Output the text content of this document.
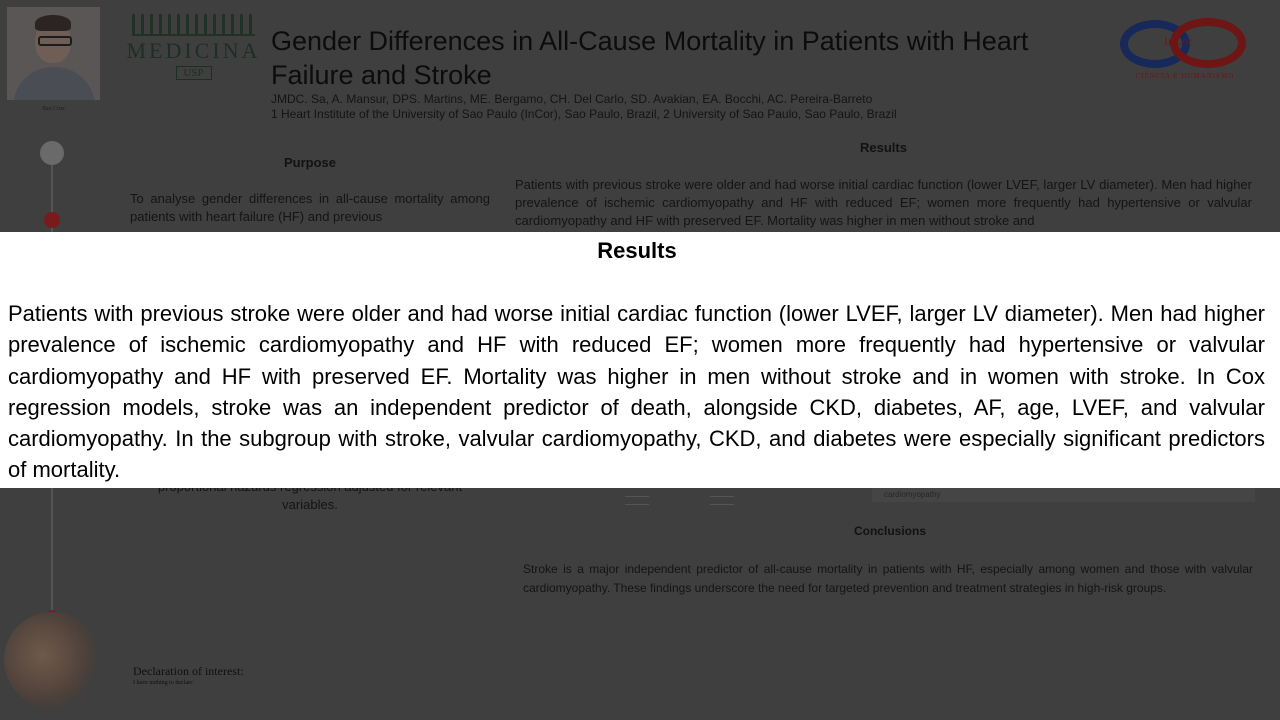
Ilan Cruz
MEDICINA
USP
Gender Differences in All-Cause Mortality in Patients with Heart Failure and Stroke
JMDC. Sa, A. Mansur, DPS. Martins, ME. Bergamo, CH. Del Carlo, SD. Avakian, EA. Bocchi, AC. Pereira-Barreto
1 Heart Institute of the University of Sao Paulo (InCor), Sao Paulo, Brazil, 2 University of Sao Paulo, Sao Paulo, Brazil
InCor
CIÊNCIA E HUMANISMO
Purpose
To analyse gender differences in all-cause mortality among patients with heart failure (HF) and previous
Results
Patients with previous stroke were older and had worse initial cardiac function (lower LVEF, larger LV diameter). Men had higher prevalence of ischemic cardiomyopathy and HF with reduced EF; women more frequently had hypertensive or valvular cardiomyopathy and HF with preserved EF. Mortality was higher in men without stroke and
variables.
cardiomyopathy
Conclusions
Stroke is a major independent predictor of all-cause mortality in patients with HF, especially among women and those with valvular cardiomyopathy. These findings underscore the need for targeted prevention and treatment strategies in high-risk groups.
Declaration of interest:
I have nothing to declare
Results

Patients with previous stroke were older and had worse initial cardiac function (lower LVEF, larger LV diameter). Men had higher prevalence of ischemic cardiomyopathy and HF with reduced EF; women more frequently had hypertensive or valvular cardiomyopathy and HF with preserved EF. Mortality was higher in men without stroke and in women with stroke. In Cox regression models, stroke was an independent predictor of death, alongside CKD, diabetes, AF, age, LVEF, and valvular cardiomyopathy. In the subgroup with stroke, valvular cardiomyopathy, CKD, and diabetes were especially significant predictors of mortality.
